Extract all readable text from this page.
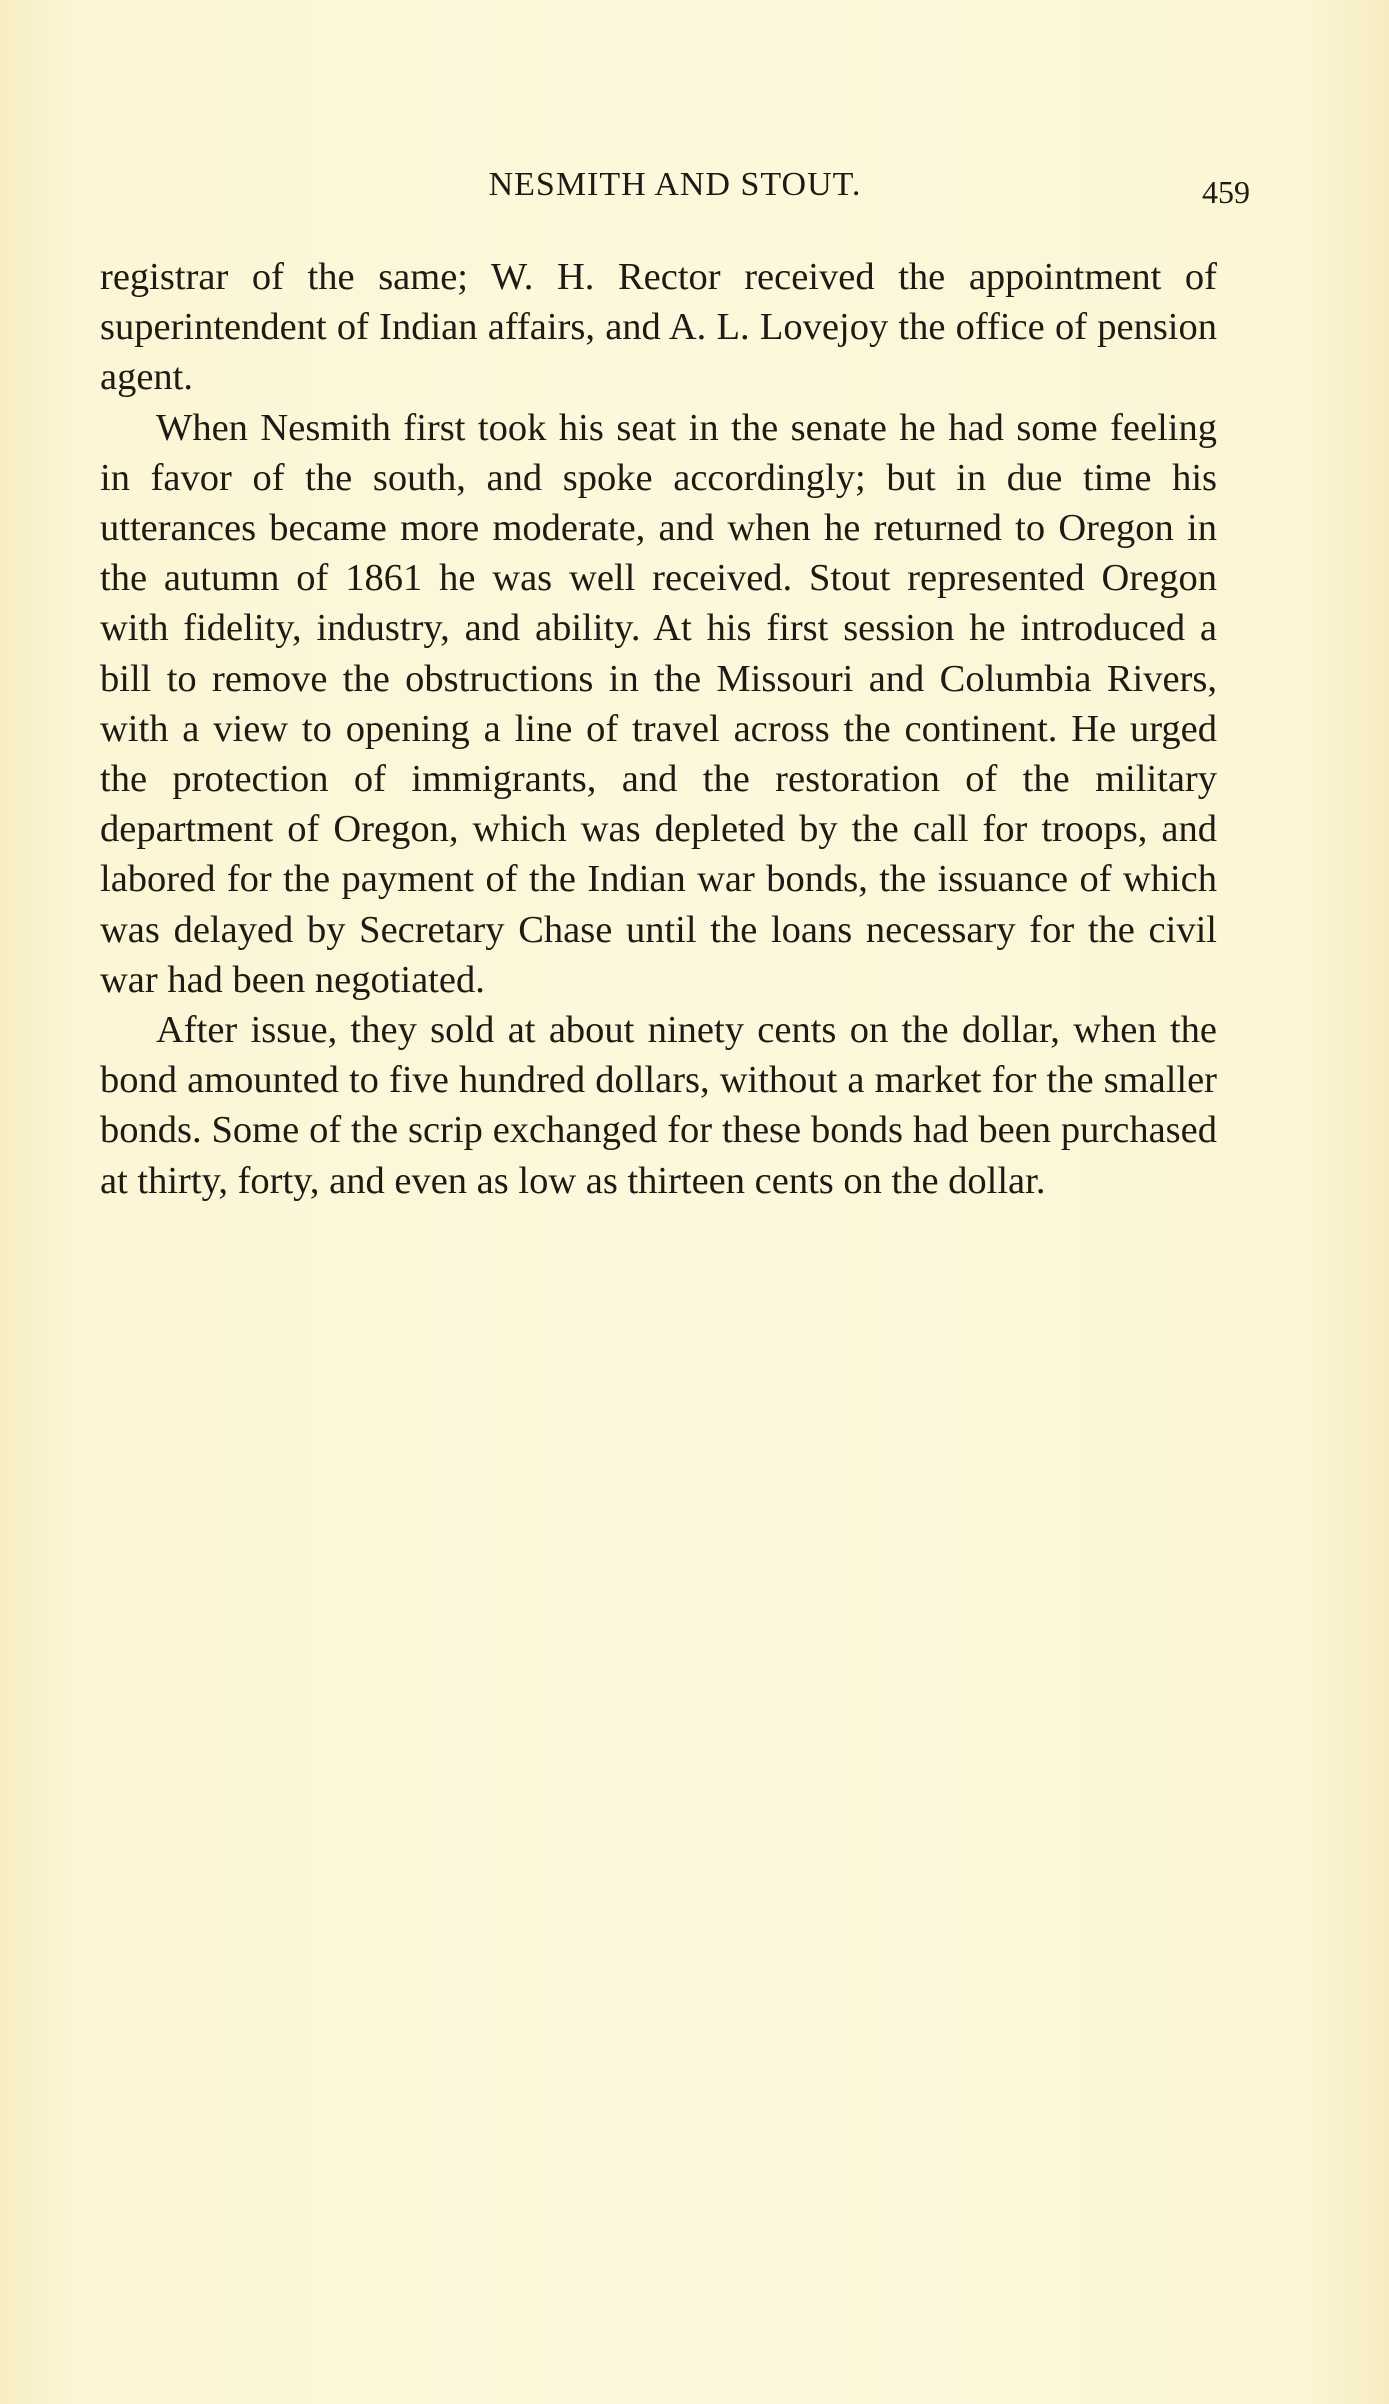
NESMITH AND STOUT.	459

registrar of the same; W. H. Rector received the appointment of superintendent of Indian affairs, and A. L. Lovejoy the office of pension agent.

When Nesmith first took his seat in the senate he had some feeling in favor of the south, and spoke accordingly; but in due time his utterances became more moderate, and when he returned to Oregon in the autumn of 1861 he was well received. Stout represented Oregon with fidelity, industry, and ability. At his first session he introduced a bill to remove the obstructions in the Missouri and Columbia Rivers, with a view to opening a line of travel across the continent. He urged the protection of immigrants, and the restoration of the military department of Oregon, which was depleted by the call for troops, and labored for the payment of the Indian war bonds, the issuance of which was delayed by Secretary Chase until the loans necessary for the civil war had been negotiated.

After issue, they sold at about ninety cents on the dollar, when the bond amounted to five hundred dollars, without a market for the smaller bonds. Some of the scrip exchanged for these bonds had been purchased at thirty, forty, and even as low as thirteen cents on the dollar.
